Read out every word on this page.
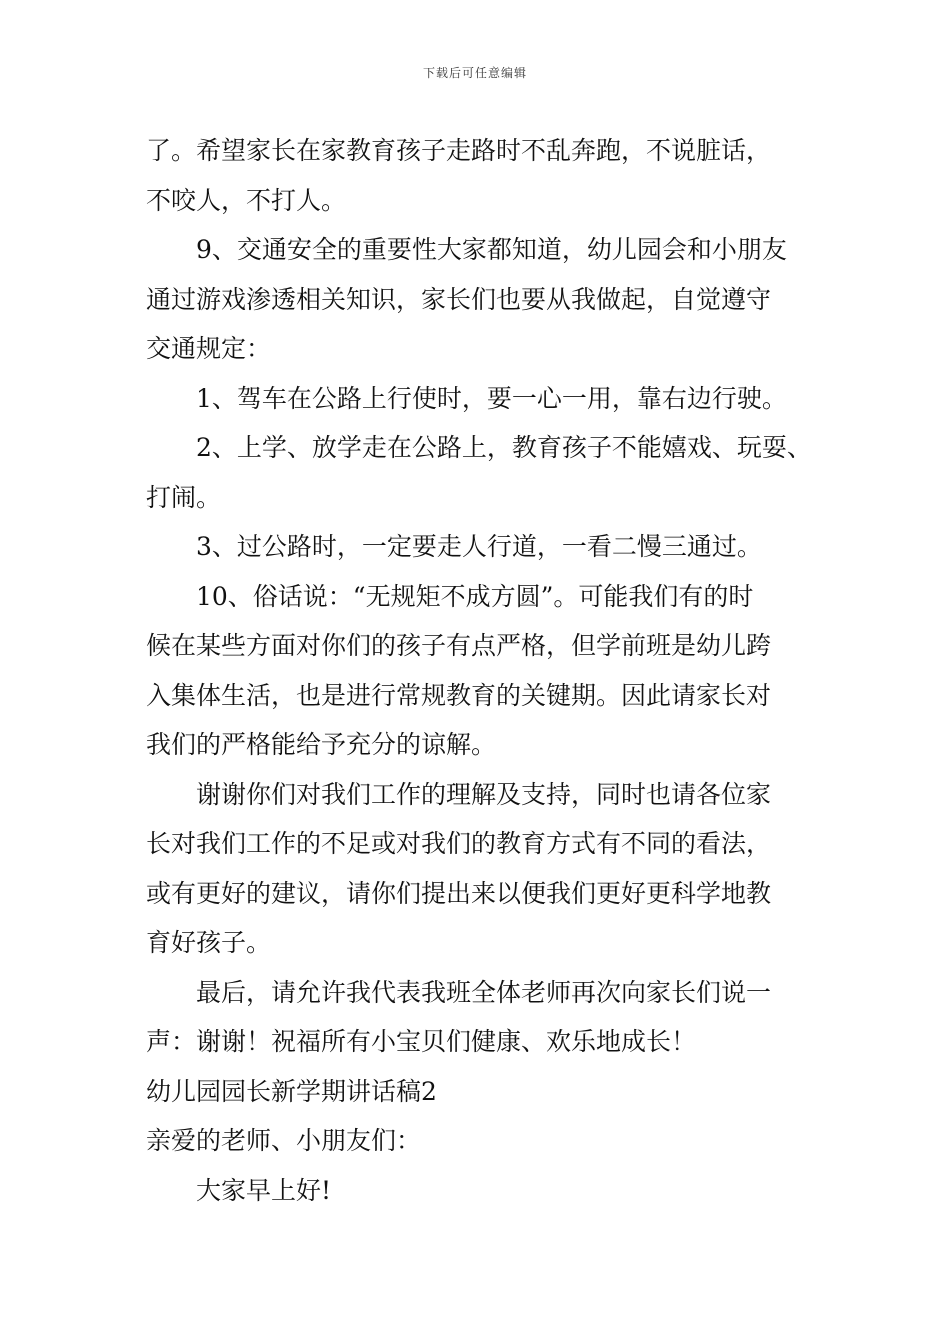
下载后可任意编辑
了。希望家长在家教育孩子走路时不乱奔跑，不说脏话，
不咬人，不打人。
9、交通安全的重要性大家都知道，幼儿园会和小朋友
通过游戏渗透相关知识，家长们也要从我做起，自觉遵守
交通规定：
1、驾车在公路上行使时，要一心一用，靠右边行驶。
2、上学、放学走在公路上，教育孩子不能嬉戏、玩耍、
打闹。
3、过公路时，一定要走人行道，一看二慢三通过。
10、俗话说：“无规矩不成方圆”。可能我们有的时
候在某些方面对你们的孩子有点严格，但学前班是幼儿跨
入集体生活，也是进行常规教育的关键期。因此请家长对
我们的严格能给予充分的谅解。
谢谢你们对我们工作的理解及支持，同时也请各位家
长对我们工作的不足或对我们的教育方式有不同的看法，
或有更好的建议，请你们提出来以便我们更好更科学地教
育好孩子。
最后，请允许我代表我班全体老师再次向家长们说一
声：谢谢！祝福所有小宝贝们健康、欢乐地成长！
幼儿园园长新学期讲话稿2
亲爱的老师、小朋友们：
大家早上好!
